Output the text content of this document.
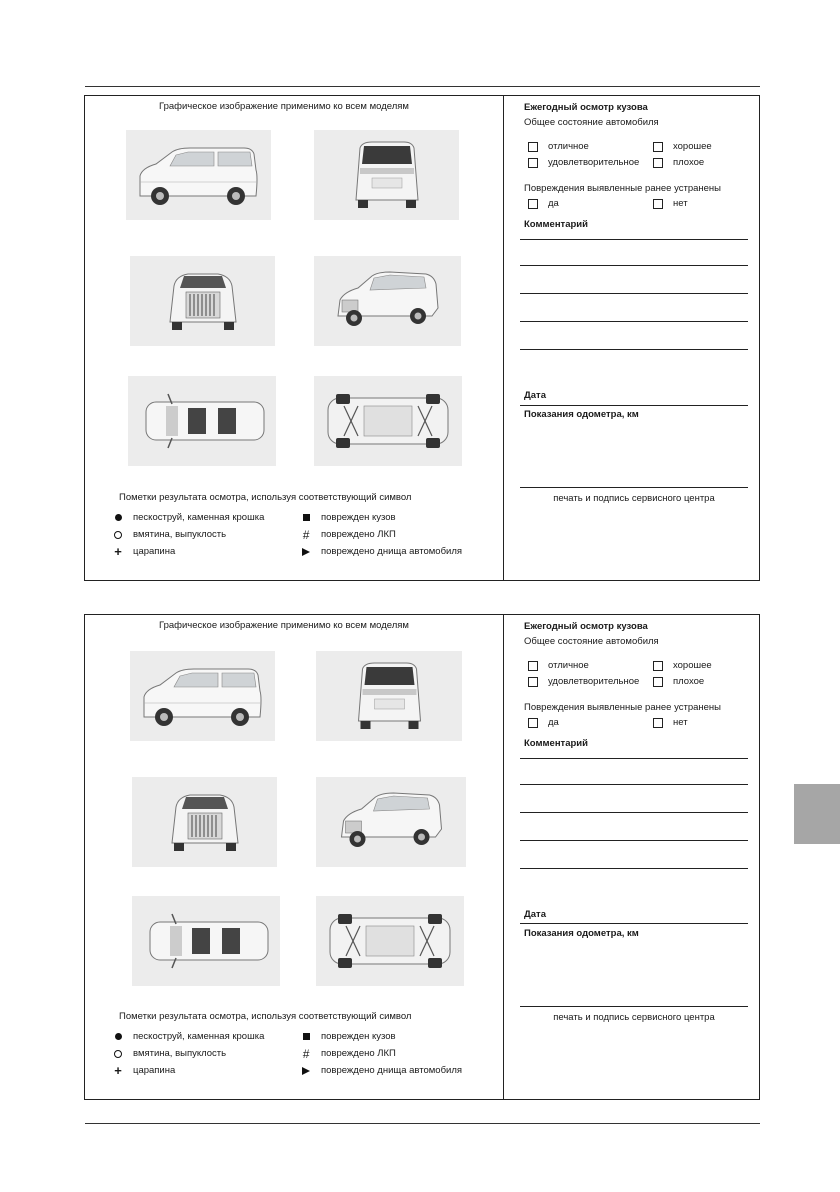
Графическое изображение применимо ко всем моделям
Пометки результата осмотра, используя соответствующий символ
пескоструй, каменная крошка	поврежден кузов
вмятина, выпуклость	# повреждено ЛКП
+ царапина	повреждено днища автомобиля
Ежегодный осмотр кузова
Общее состояние автомобиля
отличное	хорошее
удовлетворительное	плохое
Повреждения выявленные ранее устранены
да	нет
Комментарий
Дата
Показания одометра, км
печать и подпись сервисного центра
Графическое изображение применимо ко всем моделям
Пометки результата осмотра, используя соответствующий символ
пескоструй, каменная крошка	поврежден кузов
вмятина, выпуклость	# повреждено ЛКП
+ царапина	повреждено днища автомобиля
Ежегодный осмотр кузова
Общее состояние автомобиля
отличное	хорошее
удовлетворительное	плохое
Повреждения выявленные ранее устранены
да	нет
Комментарий
Дата
Показания одометра, км
печать и подпись сервисного центра
